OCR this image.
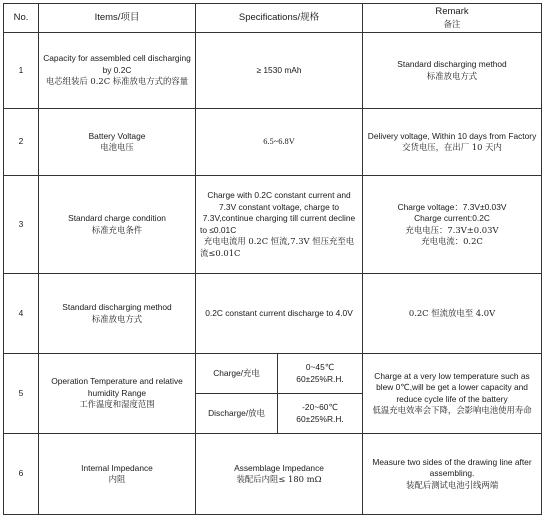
No.	Items/项目	Specifications/规格		Remark
备注

1	Capacity for assembled cell discharging by 0.2C
电芯组装后 0.2C 标准放电方式的容量	≥ 1530 mAh		Standard discharging method
标准放电方式

2	Battery Voltage
电池电压	6.5~6.8V		Delivery voltage, Within 10 days from Factory
交货电压，在出厂 10 天内

3	Standard charge condition
标准充电条件	Charge with 0.2C constant current and 7.3V constant voltage, charge to 7.3V,continue charging till current decline to ≤0.01C
充电电流用 0.2C 恒流,7.3V 恒压充至电流≤0.01C		Charge voltage：7.3V±0.03V
Charge current:0.2C
充电电压：7.3V±0.03V
充电电流：0.2C

4	Standard discharging method
标准放电方式	0.2C constant current discharge to 4.0V		0.2C 恒流放电至 4.0V

5	Operation Temperature and relative humidity Range
工作温度和湿度范围	Charge/充电	0~45℃
60±25%R.H.	Charge at a very low temperature such as blew 0℃,will be get a lower capacity and reduce cycle life of the battery
低温充电效率会下降，会影响电池使用寿命

		Discharge/放电	-20~60℃
60±25%R.H.	

6	Internal Impedance
内阻	Assemblage Impedance
装配后内阻≤ 180 mΩ		Measure two sides of the drawing line after assembling.
装配后测试电池引线两端
